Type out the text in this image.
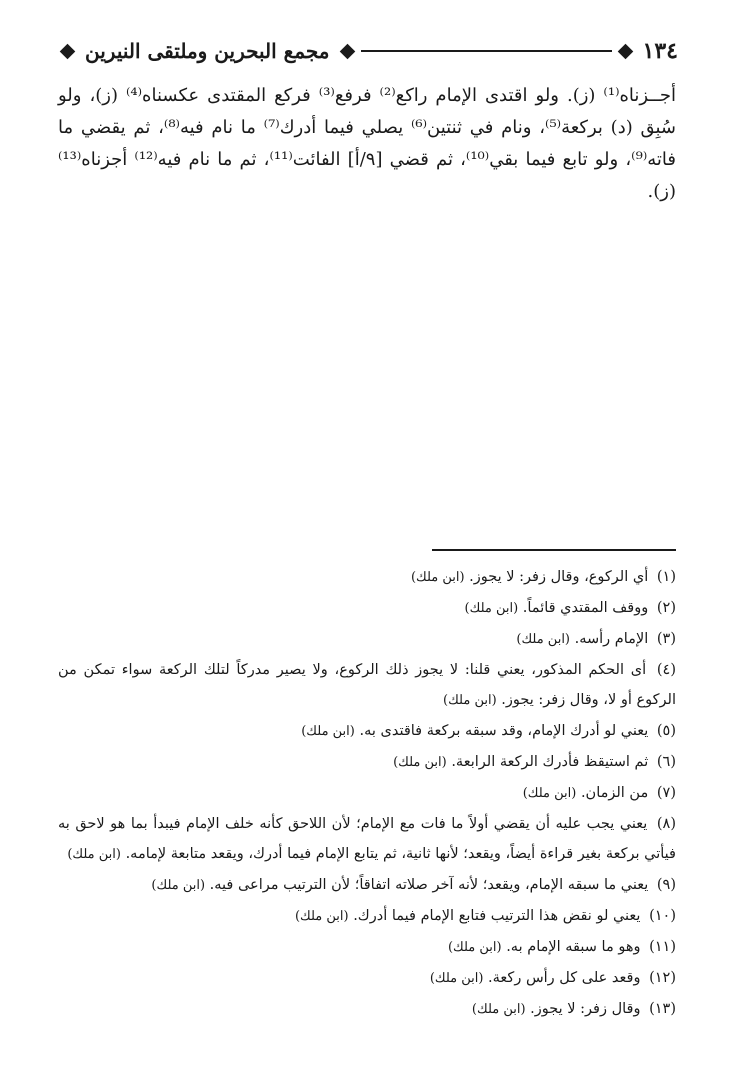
١٣٤
مجمع البحرين وملتقى النيرين

أجــزناه⁽¹⁾ (ز). ولو اقتدى الإمام راكع⁽²⁾ فرفع⁽³⁾ فركع المقتدى عكسناه⁽⁴⁾ (ز)، ولو سُبِق (د) بركعة⁽⁵⁾، ونام في ثنتين⁽⁶⁾ يصلي فيما أدرك⁽⁷⁾ ما نام فيه⁽⁸⁾، ثم يقضي ما فاته⁽⁹⁾، ولو تابع فيما بقي⁽¹⁰⁾، ثم قضي [٩/أ] الفائت⁽¹¹⁾، ثم ما نام فيه⁽¹²⁾ أجزناه⁽¹³⁾ (ز).

(١) أي الركوع، وقال زفر: لا يجوز. (ابن ملك)

(٢) ووقف المقتدي قائماً. (ابن ملك)

(٣) الإمام رأسه. (ابن ملك)

(٤) أى الحكم المذكور، يعني قلنا: لا يجوز ذلك الركوع، ولا يصير مدركاً لتلك الركعة سواء تمكن من الركوع أو لا، وقال زفر: يجوز. (ابن ملك)

(٥) يعني لو أدرك الإمام، وقد سبقه بركعة فاقتدى به. (ابن ملك)

(٦) ثم استيقظ فأدرك الركعة الرابعة. (ابن ملك)

(٧) من الزمان. (ابن ملك)

(٨) يعني يجب عليه أن يقضي أولاً ما فات مع الإمام؛ لأن اللاحق كأنه خلف الإمام فيبدأ بما هو لاحق به فيأتي بركعة بغير قراءة أيضاً، ويقعد؛ لأنها ثانية، ثم يتابع الإمام فيما أدرك، ويقعد متابعة لإمامه. (ابن ملك)

(٩) يعني ما سبقه الإمام، ويقعد؛ لأنه آخر صلاته اتفاقاً؛ لأن الترتيب مراعى فيه. (ابن ملك)

(١٠) يعني لو نقض هذا الترتيب فتابع الإمام فيما أدرك. (ابن ملك)

(١١) وهو ما سبقه الإمام به. (ابن ملك)

(١٢) وقعد على كل رأس ركعة. (ابن ملك)

(١٣) وقال زفر: لا يجوز. (ابن ملك)
